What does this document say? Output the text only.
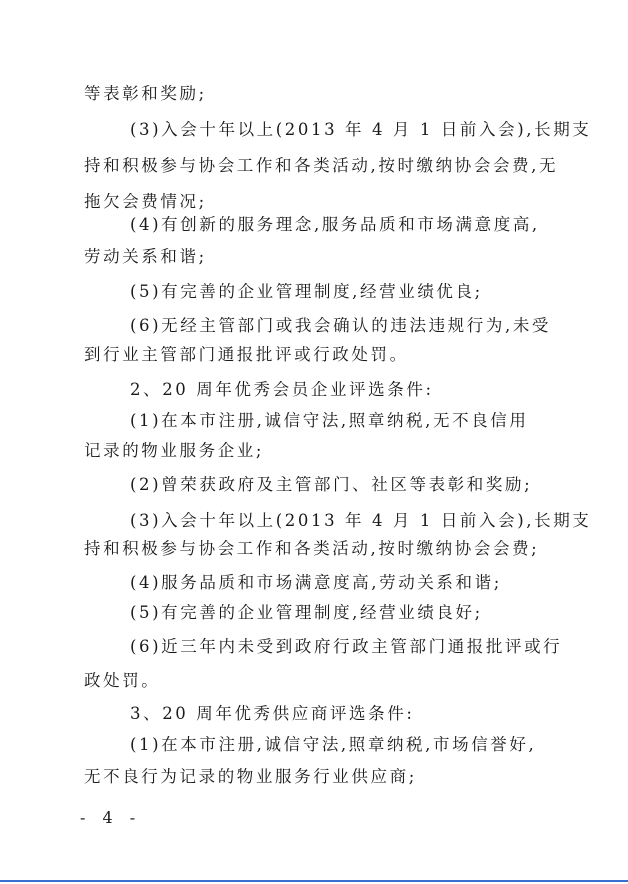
等表彰和奖励;
(3)入会十年以上(2013 年 4 月 1 日前入会),长期支
持和积极参与协会工作和各类活动,按时缴纳协会会费,无
拖欠会费情况;
(4)有创新的服务理念,服务品质和市场满意度高,
劳动关系和谐;
(5)有完善的企业管理制度,经营业绩优良;
(6)无经主管部门或我会确认的违法违规行为,未受
到行业主管部门通报批评或行政处罚。
2、20 周年优秀会员企业评选条件:
(1)在本市注册,诚信守法,照章纳税,无不良信用
记录的物业服务企业;
(2)曾荣获政府及主管部门、社区等表彰和奖励;
(3)入会十年以上(2013 年 4 月 1 日前入会),长期支
持和积极参与协会工作和各类活动,按时缴纳协会会费;
(4)服务品质和市场满意度高,劳动关系和谐;
(5)有完善的企业管理制度,经营业绩良好;
(6)近三年内未受到政府行政主管部门通报批评或行
政处罚。
3、20 周年优秀供应商评选条件:
(1)在本市注册,诚信守法,照章纳税,市场信誉好,
无不良行为记录的物业服务行业供应商;
- 4 -
